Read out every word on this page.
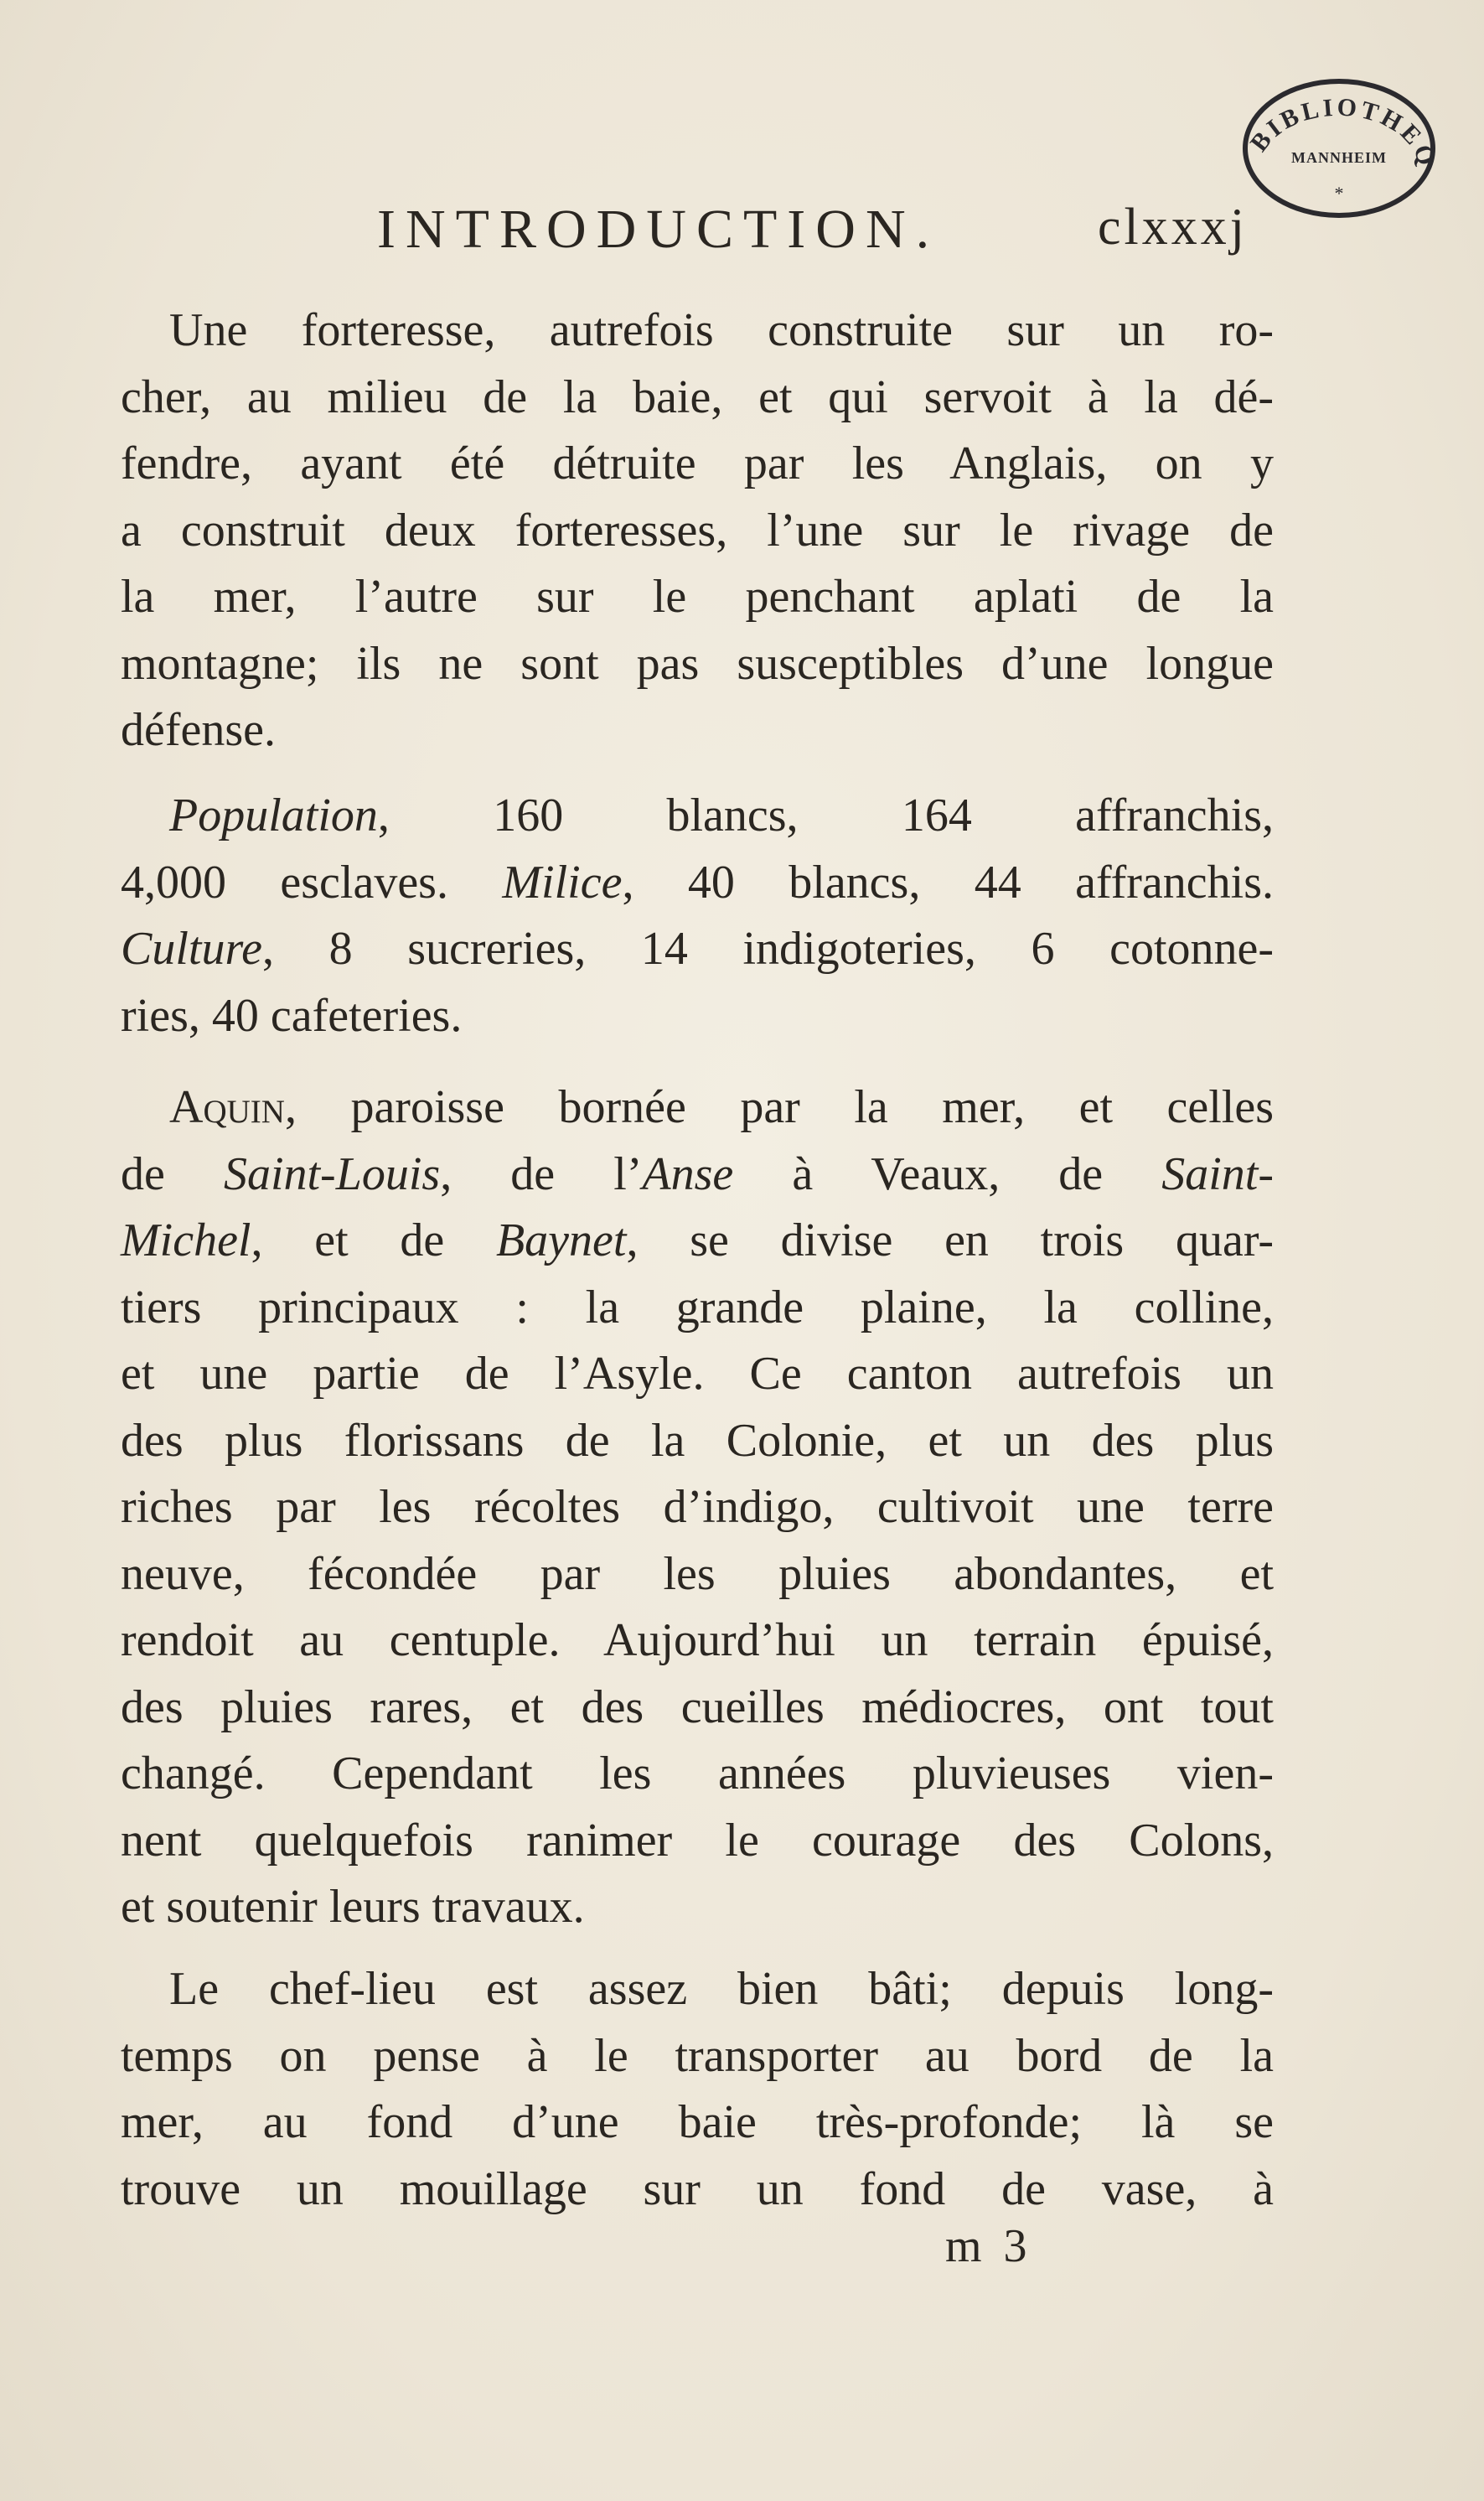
BIBLIOTHEQ
MANNHEIM
*
INTRODUCTION.	clxxxj
Une forteresse, autrefois construite sur un ro-
cher, au milieu de la baie, et qui servoit à la dé-
fendre, ayant été détruite par les Anglais, on y
a construit deux forteresses, l’une sur le rivage de
la mer, l’autre sur le penchant aplati de la
montagne; ils ne sont pas susceptibles d’une longue
défense.
Population, 160 blancs, 164 affranchis,
4,000 esclaves. Milice, 40 blancs, 44 affranchis.
Culture, 8 sucreries, 14 indigoteries, 6 cotonne-
ries, 40 cafeteries.
Aquin, paroisse bornée par la mer, et celles
de Saint-Louis, de l’Anse à Veaux, de Saint-
Michel, et de Baynet, se divise en trois quar-
tiers principaux : la grande plaine, la colline,
et une partie de l’Asyle. Ce canton autrefois un
des plus florissans de la Colonie, et un des plus
riches par les récoltes d’indigo, cultivoit une terre
neuve, fécondée par les pluies abondantes, et
rendoit au centuple. Aujourd’hui un terrain épuisé,
des pluies rares, et des cueilles médiocres, ont tout
changé. Cependant les années pluvieuses vien-
nent quelquefois ranimer le courage des Colons,
et soutenir leurs travaux.
Le chef-lieu est assez bien bâti; depuis long-
temps on pense à le transporter au bord de la
mer, au fond d’une baie très-profonde; là se
trouve un mouillage sur un fond de vase, à
m 3
